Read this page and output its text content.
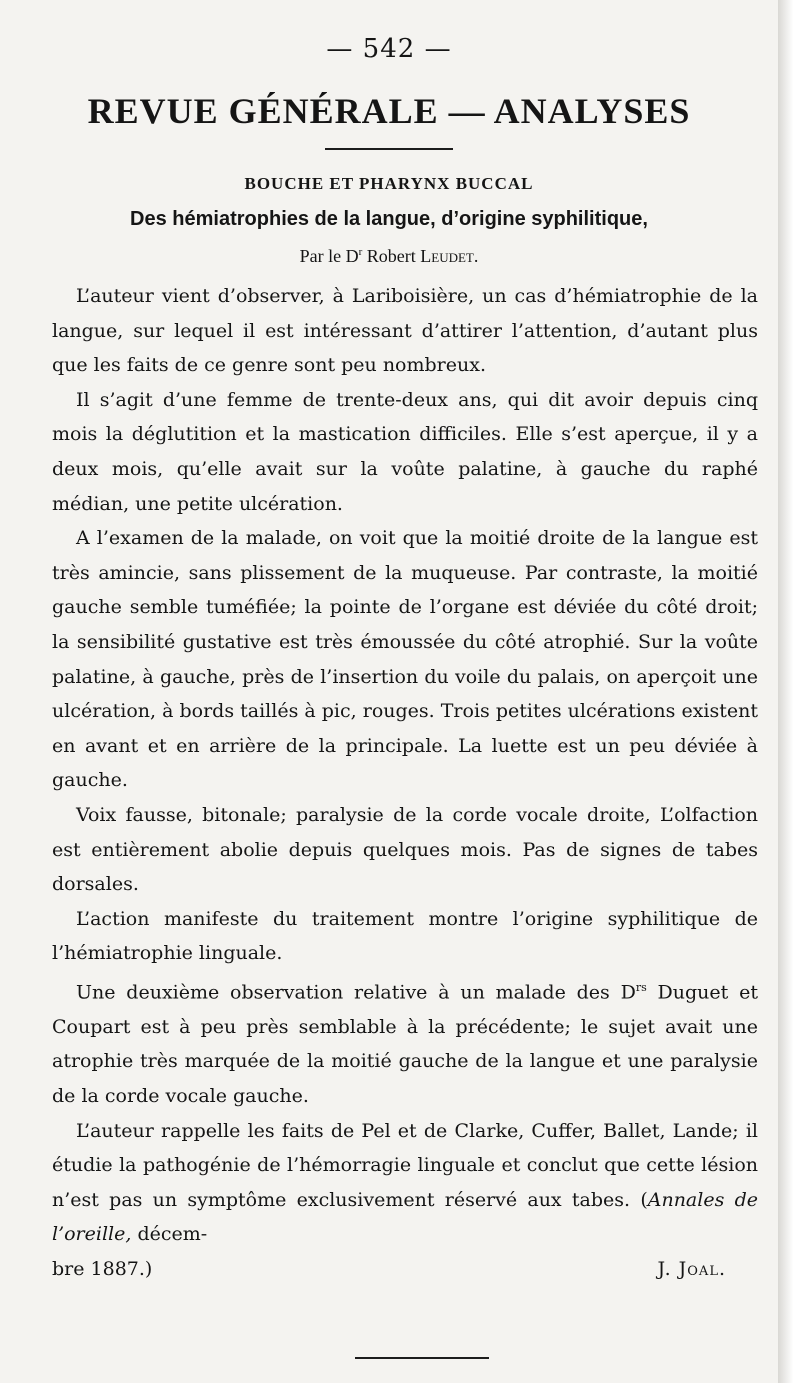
— 542 —
REVUE GÉNÉRALE — ANALYSES
BOUCHE ET PHARYNX BUCCAL
Des hémiatrophies de la langue, d’origine syphilitique,
Par le $D^r$ Robert Leudet.

L’auteur vient d’observer, à Lariboisière, un cas d’hémiatrophie de la langue, sur lequel il est intéressant d’attirer l’attention, d’autant plus que les faits de ce genre sont peu nombreux.

Il s’agit d’une femme de trente-deux ans, qui dit avoir depuis cinq mois la déglutition et la mastication difficiles. Elle s’est aperçue, il y a deux mois, qu’elle avait sur la voûte palatine, à gauche du raphé médian, une petite ulcération.

A l’examen de la malade, on voit que la moitié droite de la langue est très amincie, sans plissement de la muqueuse. Par contraste, la moitié gauche semble tuméfiée; la pointe de l’organe est déviée du côté droit; la sensibilité gustative est très émoussée du côté atrophié. Sur la voûte palatine, à gauche, près de l’insertion du voile du palais, on aperçoit une ulcération, à bords taillés à pic, rouges. Trois petites ulcérations existent en avant et en arrière de la principale. La luette est un peu déviée à gauche.

Voix fausse, bitonale; paralysie de la corde vocale droite, L’olfaction est entièrement abolie depuis quelques mois. Pas de signes de tabes dorsales.

L’action manifeste du traitement montre l’origine syphilitique de l’hémiatrophie linguale.

Une deuxième observation relative à un malade des $D^{rs}$ Duguet et Coupart est à peu près semblable à la précédente; le sujet avait une atrophie très marquée de la moitié gauche de la langue et une paralysie de la corde vocale gauche.

L’auteur rappelle les faits de Pel et de Clarke, Cuffer, Ballet, Lande; il étudie la pathogénie de l’hémorragie linguale et conclut que cette lésion n’est pas un symptôme exclusivement réservé aux tabes. (Annales de l’oreille, décem-

bre 1887.)	J. Joal.
